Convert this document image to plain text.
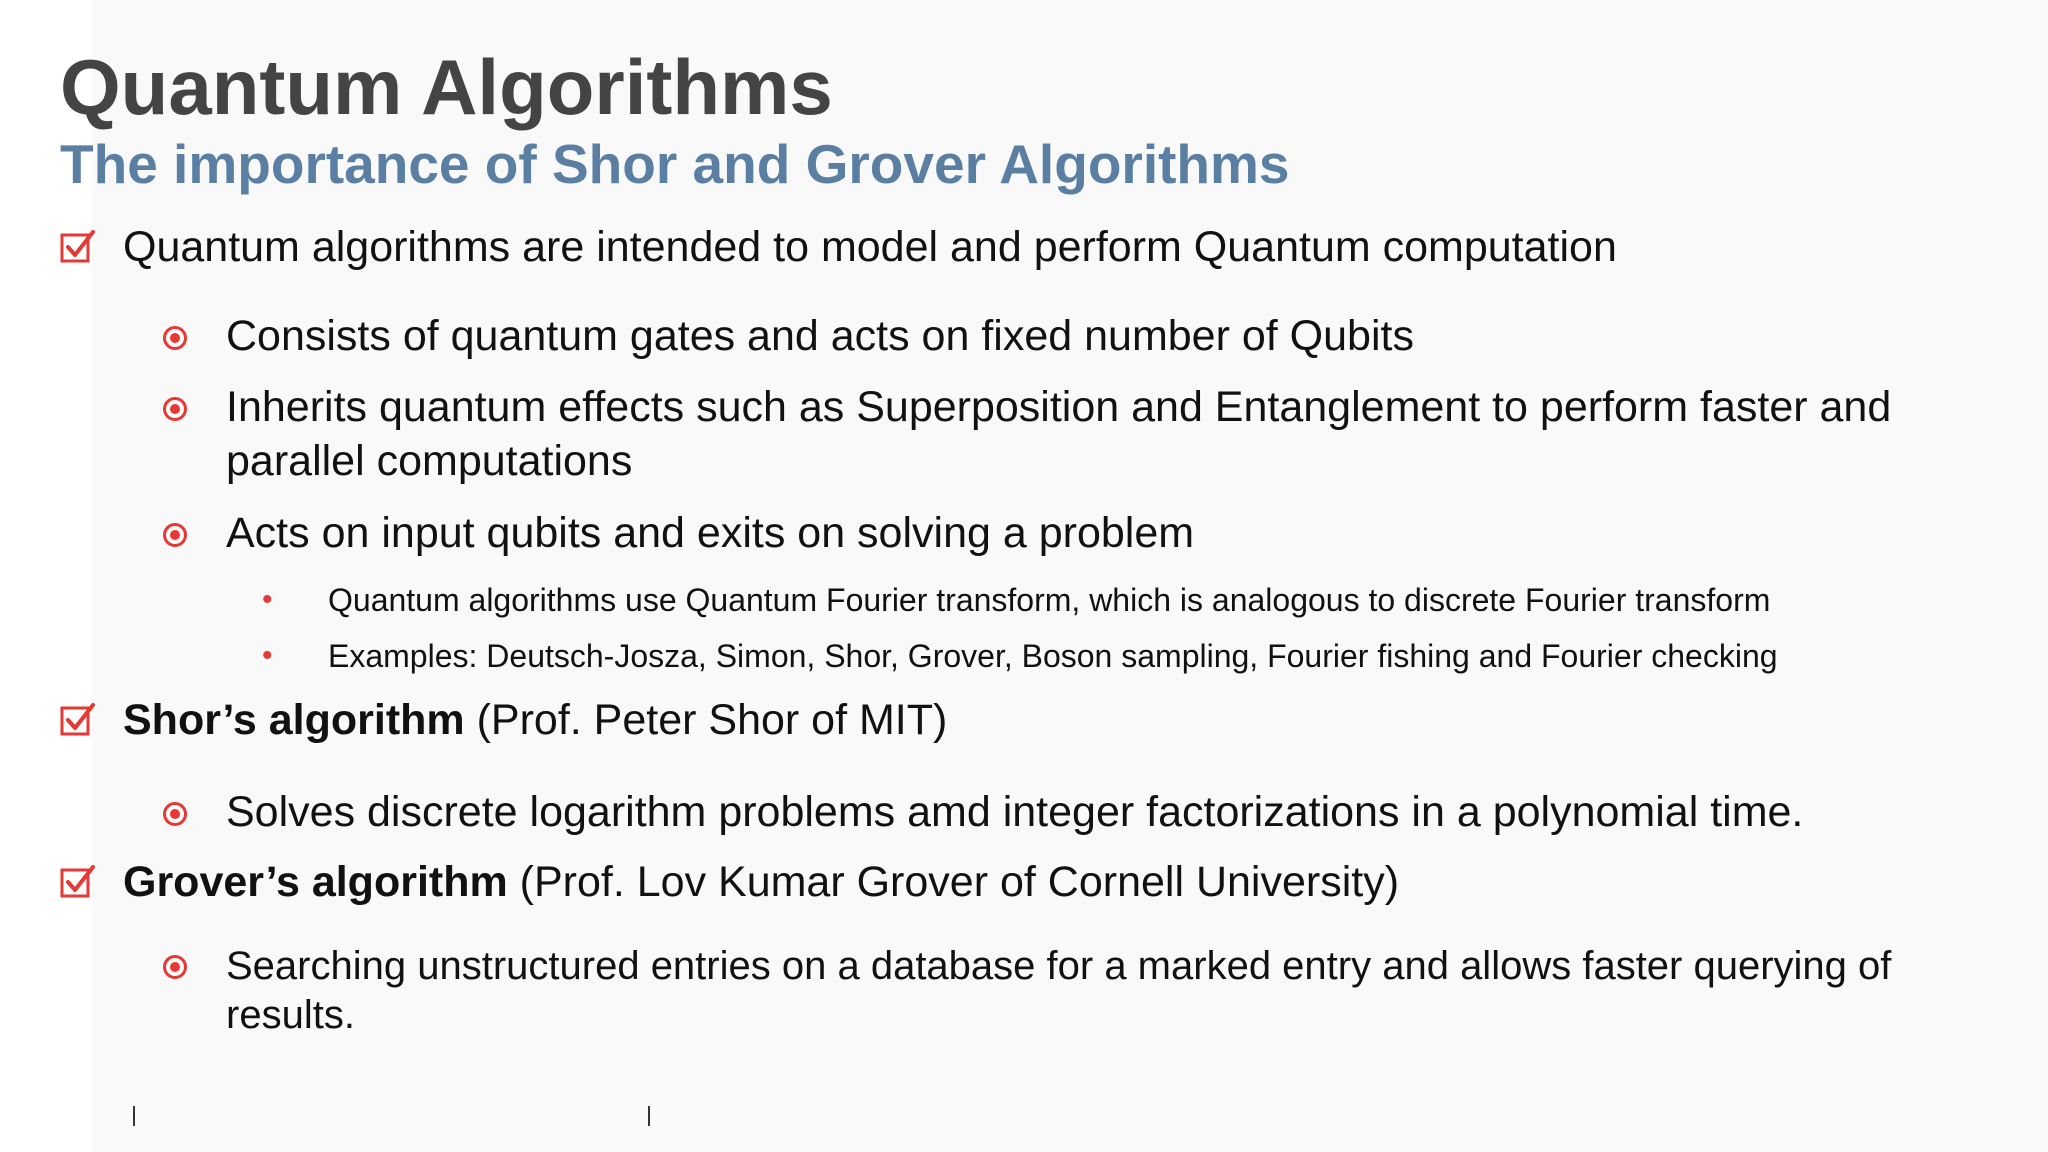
Quantum Algorithms
The importance of Shor and Grover Algorithms
Quantum algorithms are intended to model and perform Quantum computation
Consists of quantum gates and acts on fixed number of Qubits
Inherits quantum effects such as Superposition and Entanglement to perform faster and
parallel computations
Acts on input qubits and exits on solving a problem
• Quantum algorithms use Quantum Fourier transform, which is analogous to discrete Fourier transform
• Examples: Deutsch-Josza, Simon, Shor, Grover, Boson sampling, Fourier fishing and Fourier checking
Shor’s algorithm (Prof. Peter Shor of MIT)
Solves discrete logarithm problems amd integer factorizations in a polynomial time.
Grover’s algorithm (Prof. Lov Kumar Grover of Cornell University)
Searching unstructured entries on a database for a marked entry and allows faster querying of
results.
